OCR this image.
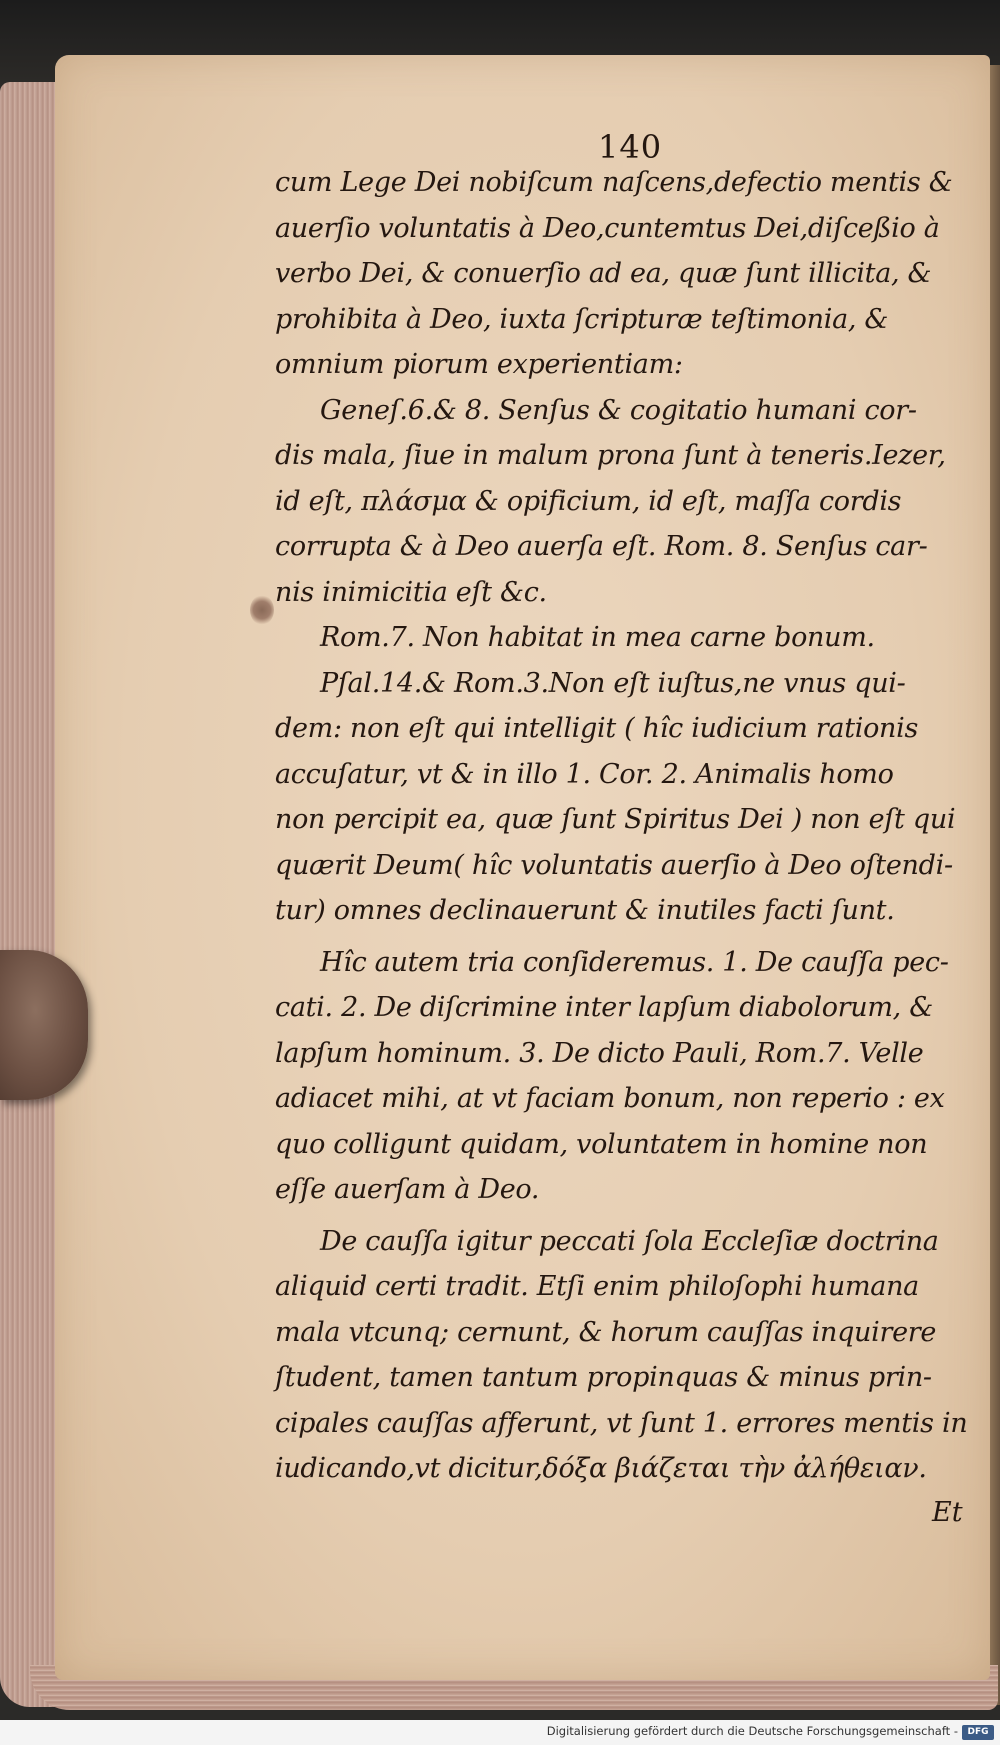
140
cum Lege Dei nobiſcum naſcens,defectio mentis &
auerſio voluntatis à Deo,cuntemtus Dei,diſceßio à
verbo Dei, & conuerſio ad ea, quæ ſunt illicita, &
prohibita à Deo, iuxta ſcripturæ teſtimonia, &
omnium piorum experientiam:
Geneſ.6.& 8. Senſus & cogitatio humani cor-
dis mala, ſiue in malum prona ſunt à teneris.Iezer,
id eſt, πλάσμα & opificium, id eſt, maſſa cordis
corrupta & à Deo auerſa eſt. Rom. 8. Senſus car-
nis inimicitia eſt &c.
Rom.7. Non habitat in mea carne bonum.
Pſal.14.& Rom.3.Non eſt iuſtus,ne vnus qui-
dem: non eſt qui intelligit ( hîc iudicium rationis
accuſatur, vt & in illo 1. Cor. 2. Animalis homo
non percipit ea, quæ ſunt Spiritus Dei ) non eſt qui
quærit Deum( hîc voluntatis auerſio à Deo oſtendi-
tur) omnes declinauerunt & inutiles facti ſunt.
Hîc autem tria conſideremus. 1. De cauſſa pec-
cati. 2. De diſcrimine inter lapſum diabolorum, &
lapſum hominum. 3. De dicto Pauli, Rom.7. Velle
adiacet mihi, at vt faciam bonum, non reperio : ex
quo colligunt quidam, voluntatem in homine non
eſſe auerſam à Deo.
De cauſſa igitur peccati ſola Eccleſiæ doctrina
aliquid certi tradit. Etſi enim philoſophi humana
mala vtcunq; cernunt, & horum cauſſas inquirere
ſtudent, tamen tantum propinquas & minus prin-
cipales cauſſas afferunt, vt ſunt 1. errores mentis in
iudicando,vt dicitur,δόξα βιάζεται τὴν ἀλήθειαν.
Et
Digitalisierung gefördert durch die Deutsche Forschungsgemeinschaft -	DFG
